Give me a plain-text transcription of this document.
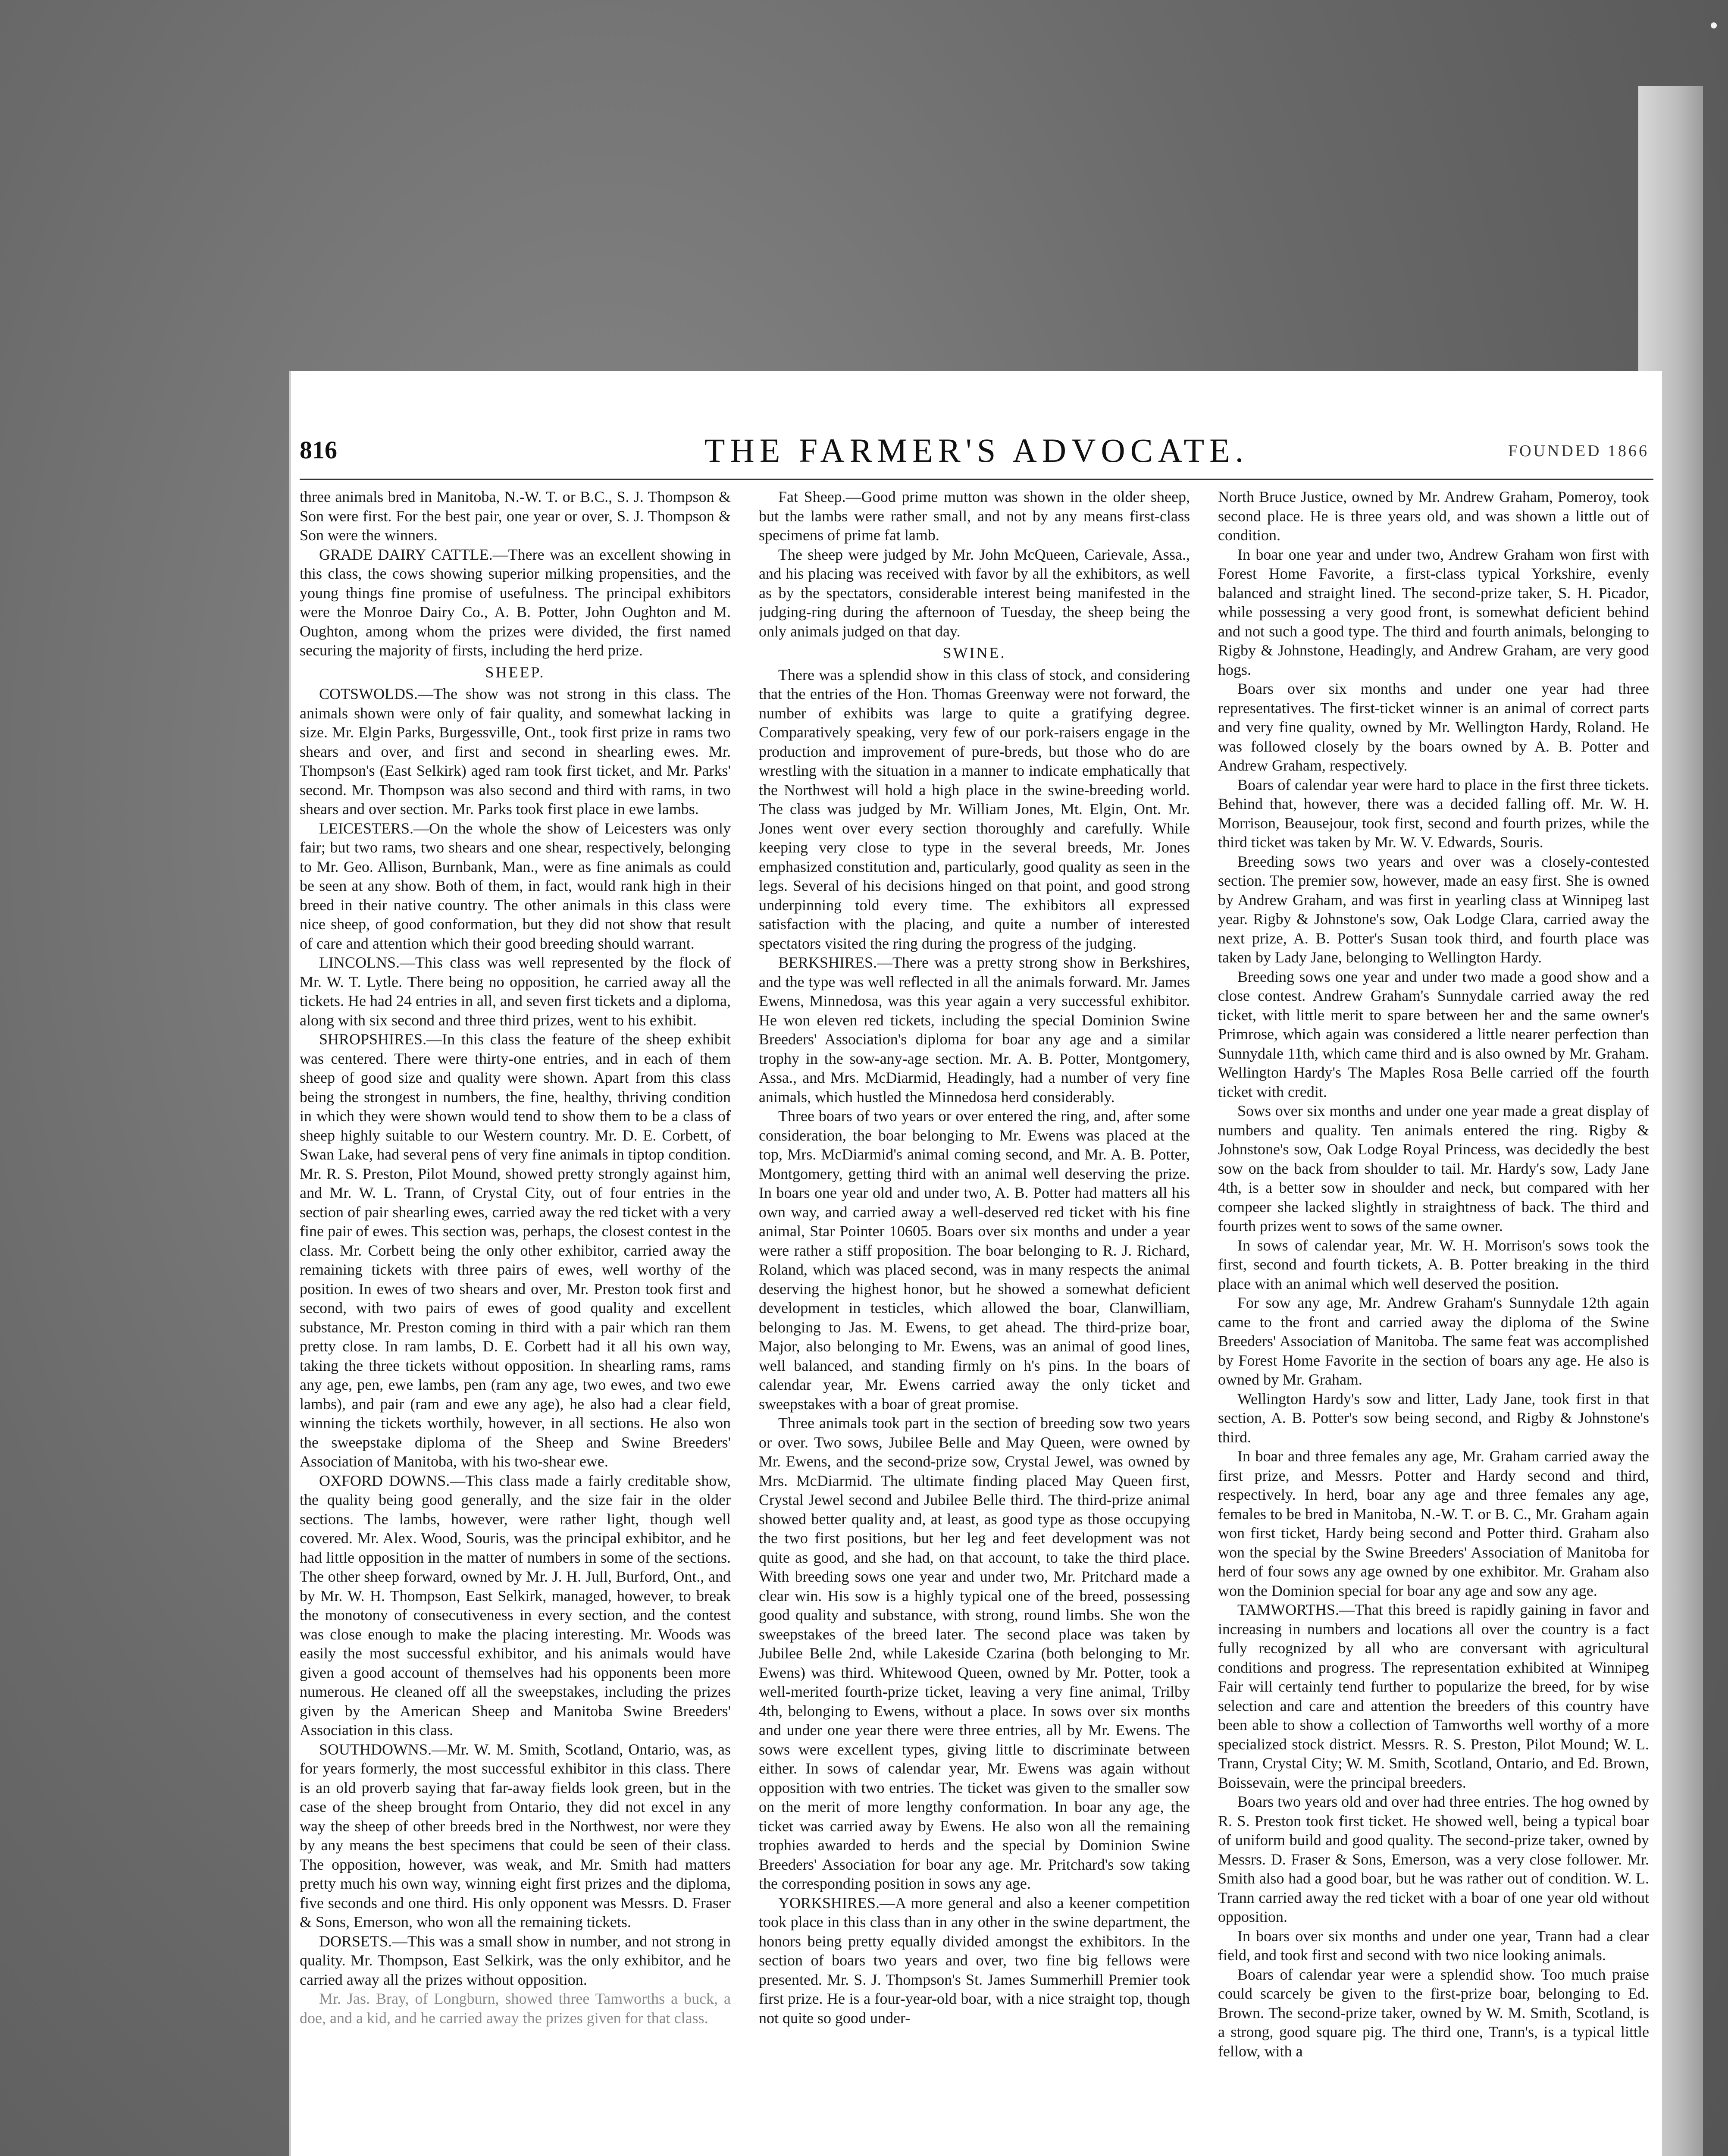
816	THE FARMER'S ADVOCATE.	FOUNDED 1866

three animals bred in Manitoba, N.-W. T. or B.C., S. J. Thompson & Son were first. For the best pair, one year or over, S. J. Thompson & Son were the winners.

GRADE DAIRY CATTLE.—There was an excellent showing in this class, the cows showing superior milking propensities, and the young things fine promise of usefulness. The principal exhibitors were the Monroe Dairy Co., A. B. Potter, John Oughton and M. Oughton, among whom the prizes were divided, the first named securing the majority of firsts, including the herd prize.

SHEEP.

COTSWOLDS.—The show was not strong in this class. The animals shown were only of fair quality, and somewhat lacking in size. Mr. Elgin Parks, Burgessville, Ont., took first prize in rams two shears and over, and first and second in shearling ewes. Mr. Thompson's (East Selkirk) aged ram took first ticket, and Mr. Parks' second. Mr. Thompson was also second and third with rams, in two shears and over section. Mr. Parks took first place in ewe lambs.

LEICESTERS.—On the whole the show of Leicesters was only fair; but two rams, two shears and one shear, respectively, belonging to Mr. Geo. Allison, Burnbank, Man., were as fine animals as could be seen at any show. Both of them, in fact, would rank high in their breed in their native country. The other animals in this class were nice sheep, of good conformation, but they did not show that result of care and attention which their good breeding should warrant.

LINCOLNS.—This class was well represented by the flock of Mr. W. T. Lytle. There being no opposition, he carried away all the tickets. He had 24 entries in all, and seven first tickets and a diploma, along with six second and three third prizes, went to his exhibit.

SHROPSHIRES.—In this class the feature of the sheep exhibit was centered. There were thirty-one entries, and in each of them sheep of good size and quality were shown. Apart from this class being the strongest in numbers, the fine, healthy, thriving condition in which they were shown would tend to show them to be a class of sheep highly suitable to our Western country. Mr. D. E. Corbett, of Swan Lake, had several pens of very fine animals in tiptop condition. Mr. R. S. Preston, Pilot Mound, showed pretty strongly against him, and Mr. W. L. Trann, of Crystal City, out of four entries in the section of pair shearling ewes, carried away the red ticket with a very fine pair of ewes. This section was, perhaps, the closest contest in the class. Mr. Corbett being the only other exhibitor, carried away the remaining tickets with three pairs of ewes, well worthy of the position. In ewes of two shears and over, Mr. Preston took first and second, with two pairs of ewes of good quality and excellent substance, Mr. Preston coming in third with a pair which ran them pretty close. In ram lambs, D. E. Corbett had it all his own way, taking the three tickets without opposition. In shearling rams, rams any age, pen, ewe lambs, pen (ram any age, two ewes, and two ewe lambs), and pair (ram and ewe any age), he also had a clear field, winning the tickets worthily, however, in all sections. He also won the sweepstake diploma of the Sheep and Swine Breeders' Association of Manitoba, with his two-shear ewe.

OXFORD DOWNS.—This class made a fairly creditable show, the quality being good generally, and the size fair in the older sections. The lambs, however, were rather light, though well covered. Mr. Alex. Wood, Souris, was the principal exhibitor, and he had little opposition in the matter of numbers in some of the sections. The other sheep forward, owned by Mr. J. H. Jull, Burford, Ont., and by Mr. W. H. Thompson, East Selkirk, managed, however, to break the monotony of consecutiveness in every section, and the contest was close enough to make the placing interesting. Mr. Woods was easily the most successful exhibitor, and his animals would have given a good account of themselves had his opponents been more numerous. He cleaned off all the sweepstakes, including the prizes given by the American Sheep and Manitoba Swine Breeders' Association in this class.

SOUTHDOWNS.—Mr. W. M. Smith, Scotland, Ontario, was, as for years formerly, the most successful exhibitor in this class. There is an old proverb saying that far-away fields look green, but in the case of the sheep brought from Ontario, they did not excel in any way the sheep of other breeds bred in the Northwest, nor were they by any means the best specimens that could be seen of their class. The opposition, however, was weak, and Mr. Smith had matters pretty much his own way, winning eight first prizes and the diploma, five seconds and one third. His only opponent was Messrs. D. Fraser & Sons, Emerson, who won all the remaining tickets.

DORSETS.—This was a small show in number, and not strong in quality. Mr. Thompson, East Selkirk, was the only exhibitor, and he carried away all the prizes without opposition.

Mr. Jas. Bray, of Longburn, showed three Tamworths a buck, a doe, and a kid, and he carried away the prizes given for that class.

Fat Sheep.—Good prime mutton was shown in the older sheep, but the lambs were rather small, and not by any means first-class specimens of prime fat lamb.

The sheep were judged by Mr. John McQueen, Carievale, Assa., and his placing was received with favor by all the exhibitors, as well as by the spectators, considerable interest being manifested in the judging-ring during the afternoon of Tuesday, the sheep being the only animals judged on that day.

SWINE.

There was a splendid show in this class of stock, and considering that the entries of the Hon. Thomas Greenway were not forward, the number of exhibits was large to quite a gratifying degree. Comparatively speaking, very few of our pork-raisers engage in the production and improvement of pure-breds, but those who do are wrestling with the situation in a manner to indicate emphatically that the Northwest will hold a high place in the swine-breeding world. The class was judged by Mr. William Jones, Mt. Elgin, Ont. Mr. Jones went over every section thoroughly and carefully. While keeping very close to type in the several breeds, Mr. Jones emphasized constitution and, particularly, good quality as seen in the legs. Several of his decisions hinged on that point, and good strong underpinning told every time. The exhibitors all expressed satisfaction with the placing, and quite a number of interested spectators visited the ring during the progress of the judging.

BERKSHIRES.—There was a pretty strong show in Berkshires, and the type was well reflected in all the animals forward. Mr. James Ewens, Minnedosa, was this year again a very successful exhibitor. He won eleven red tickets, including the special Dominion Swine Breeders' Association's diploma for boar any age and a similar trophy in the sow-any-age section. Mr. A. B. Potter, Montgomery, Assa., and Mrs. McDiarmid, Headingly, had a number of very fine animals, which hustled the Minnedosa herd considerably.

Three boars of two years or over entered the ring, and, after some consideration, the boar belonging to Mr. Ewens was placed at the top, Mrs. McDiarmid's animal coming second, and Mr. A. B. Potter, Montgomery, getting third with an animal well deserving the prize. In boars one year old and under two, A. B. Potter had matters all his own way, and carried away a well-deserved red ticket with his fine animal, Star Pointer 10605. Boars over six months and under a year were rather a stiff proposition. The boar belonging to R. J. Richard, Roland, which was placed second, was in many respects the animal deserving the highest honor, but he showed a somewhat deficient development in testicles, which allowed the boar, Clanwilliam, belonging to Jas. M. Ewens, to get ahead. The third-prize boar, Major, also belonging to Mr. Ewens, was an animal of good lines, well balanced, and standing firmly on h's pins. In the boars of calendar year, Mr. Ewens carried away the only ticket and sweepstakes with a boar of great promise.

Three animals took part in the section of breeding sow two years or over. Two sows, Jubilee Belle and May Queen, were owned by Mr. Ewens, and the second-prize sow, Crystal Jewel, was owned by Mrs. McDiarmid. The ultimate finding placed May Queen first, Crystal Jewel second and Jubilee Belle third. The third-prize animal showed better quality and, at least, as good type as those occupying the two first positions, but her leg and feet development was not quite as good, and she had, on that account, to take the third place. With breeding sows one year and under two, Mr. Pritchard made a clear win. His sow is a highly typical one of the breed, possessing good quality and substance, with strong, round limbs. She won the sweepstakes of the breed later. The second place was taken by Jubilee Belle 2nd, while Lakeside Czarina (both belonging to Mr. Ewens) was third. Whitewood Queen, owned by Mr. Potter, took a well-merited fourth-prize ticket, leaving a very fine animal, Trilby 4th, belonging to Ewens, without a place. In sows over six months and under one year there were three entries, all by Mr. Ewens. The sows were excellent types, giving little to discriminate between either. In sows of calendar year, Mr. Ewens was again without opposition with two entries. The ticket was given to the smaller sow on the merit of more lengthy conformation. In boar any age, the ticket was carried away by Ewens. He also won all the remaining trophies awarded to herds and the special by Dominion Swine Breeders' Association for boar any age. Mr. Pritchard's sow taking the corresponding position in sows any age.

YORKSHIRES.—A more general and also a keener competition took place in this class than in any other in the swine department, the honors being pretty equally divided amongst the exhibitors. In the section of boars two years and over, two fine big fellows were presented. Mr. S. J. Thompson's St. James Summerhill Premier took first prize. He is a four-year-old boar, with a nice straight top, though not quite so good under-

North Bruce Justice, owned by Mr. Andrew Graham, Pomeroy, took second place. He is three years old, and was shown a little out of condition.

In boar one year and under two, Andrew Graham won first with Forest Home Favorite, a first-class typical Yorkshire, evenly balanced and straight lined. The second-prize taker, S. H. Picador, while possessing a very good front, is somewhat deficient behind and not such a good type. The third and fourth animals, belonging to Rigby & Johnstone, Headingly, and Andrew Graham, are very good hogs.

Boars over six months and under one year had three representatives. The first-ticket winner is an animal of correct parts and very fine quality, owned by Mr. Wellington Hardy, Roland. He was followed closely by the boars owned by A. B. Potter and Andrew Graham, respectively.

Boars of calendar year were hard to place in the first three tickets. Behind that, however, there was a decided falling off. Mr. W. H. Morrison, Beausejour, took first, second and fourth prizes, while the third ticket was taken by Mr. W. V. Edwards, Souris.

Breeding sows two years and over was a closely-contested section. The premier sow, however, made an easy first. She is owned by Andrew Graham, and was first in yearling class at Winnipeg last year. Rigby & Johnstone's sow, Oak Lodge Clara, carried away the next prize, A. B. Potter's Susan took third, and fourth place was taken by Lady Jane, belonging to Wellington Hardy.

Breeding sows one year and under two made a good show and a close contest. Andrew Graham's Sunnydale carried away the red ticket, with little merit to spare between her and the same owner's Primrose, which again was considered a little nearer perfection than Sunnydale 11th, which came third and is also owned by Mr. Graham. Wellington Hardy's The Maples Rosa Belle carried off the fourth ticket with credit.

Sows over six months and under one year made a great display of numbers and quality. Ten animals entered the ring. Rigby & Johnstone's sow, Oak Lodge Royal Princess, was decidedly the best sow on the back from shoulder to tail. Mr. Hardy's sow, Lady Jane 4th, is a better sow in shoulder and neck, but compared with her compeer she lacked slightly in straightness of back. The third and fourth prizes went to sows of the same owner.

In sows of calendar year, Mr. W. H. Morrison's sows took the first, second and fourth tickets, A. B. Potter breaking in the third place with an animal which well deserved the position.

For sow any age, Mr. Andrew Graham's Sunnydale 12th again came to the front and carried away the diploma of the Swine Breeders' Association of Manitoba. The same feat was accomplished by Forest Home Favorite in the section of boars any age. He also is owned by Mr. Graham.

Wellington Hardy's sow and litter, Lady Jane, took first in that section, A. B. Potter's sow being second, and Rigby & Johnstone's third.

In boar and three females any age, Mr. Graham carried away the first prize, and Messrs. Potter and Hardy second and third, respectively. In herd, boar any age and three females any age, females to be bred in Manitoba, N.-W. T. or B. C., Mr. Graham again won first ticket, Hardy being second and Potter third. Graham also won the special by the Swine Breeders' Association of Manitoba for herd of four sows any age owned by one exhibitor. Mr. Graham also won the Dominion special for boar any age and sow any age.

TAMWORTHS.—That this breed is rapidly gaining in favor and increasing in numbers and locations all over the country is a fact fully recognized by all who are conversant with agricultural conditions and progress. The representation exhibited at Winnipeg Fair will certainly tend further to popularize the breed, for by wise selection and care and attention the breeders of this country have been able to show a collection of Tamworths well worthy of a more specialized stock district. Messrs. R. S. Preston, Pilot Mound; W. L. Trann, Crystal City; W. M. Smith, Scotland, Ontario, and Ed. Brown, Boissevain, were the principal breeders.

Boars two years old and over had three entries. The hog owned by R. S. Preston took first ticket. He showed well, being a typical boar of uniform build and good quality. The second-prize taker, owned by Messrs. D. Fraser & Sons, Emerson, was a very close follower. Mr. Smith also had a good boar, but he was rather out of condition. W. L. Trann carried away the red ticket with a boar of one year old without opposition.

In boars over six months and under one year, Trann had a clear field, and took first and second with two nice looking animals.

Boars of calendar year were a splendid show. Too much praise could scarcely be given to the first-prize boar, belonging to Ed. Brown. The second-prize taker, owned by W. M. Smith, Scotland, is a strong, good square pig. The third one, Trann's, is a typical little fellow, with a
